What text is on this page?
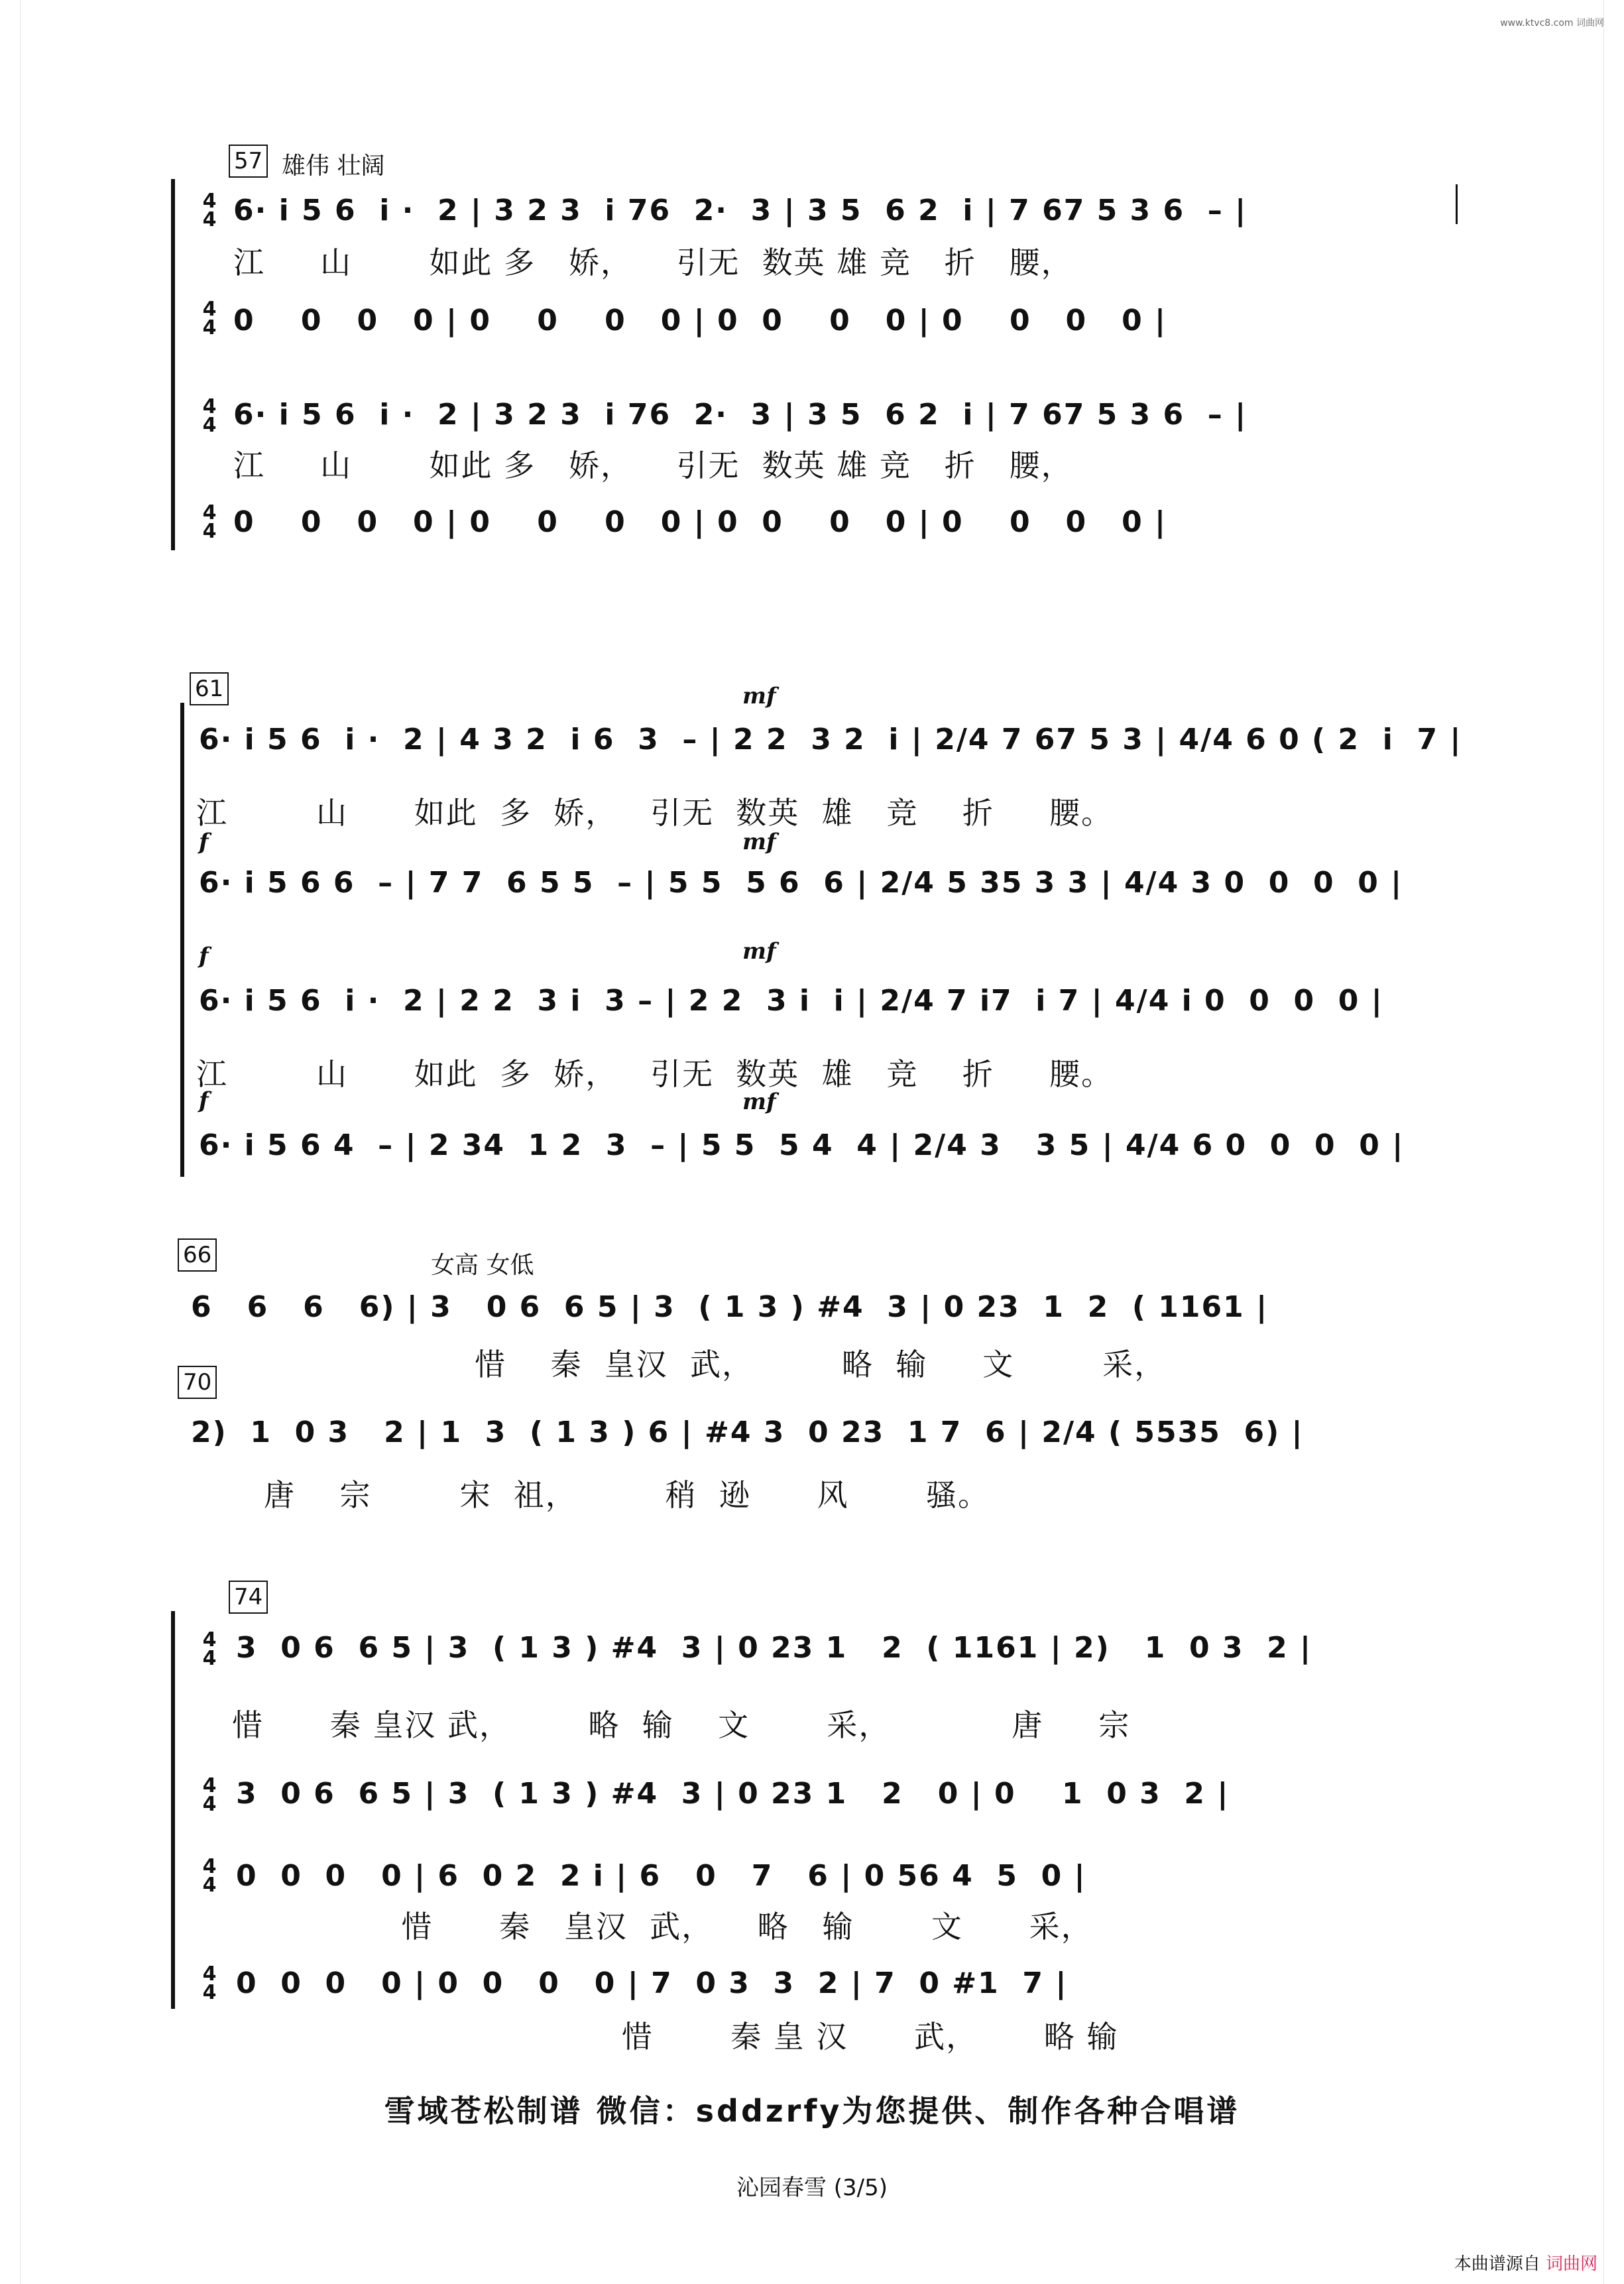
www.ktvc8.com 词曲网
57 雄伟 壮阔
4
4 6· i 5 6  i ·  2 | 3 2 3  i 76  2·  3 | 3 5  6 2  i | 7 67 5 3 6  – |
江     山       如此 多   娇，    引无  数英 雄 竞   折   腰，
4
4 0    0   0   0 | 0    0    0   0 | 0  0    0   0 | 0    0   0   0 |
4
4 6· i 5 6  i ·  2 | 3 2 3  i 76  2·  3 | 3 5  6 2  i | 7 67 5 3 6  – |
江     山       如此 多   娇，    引无  数英 雄 竞   折   腰，
4
4 0    0   0   0 | 0    0    0   0 | 0  0    0   0 | 0    0   0   0 |
61	mf
6· i 5 6  i ·  2 | 4 3 2  i 6  3  – | 2 2  3 2  i | 2/4 7 67 5 3 | 4/4 6 0 ( 2  i  7 |
江        山      如此  多  娇，   引无  数英  雄   竞    折     腰。
f	mf
6· i 5 6 6  – | 7 7  6 5 5  – | 5 5  5 6  6 | 2/4 5 35 3 3 | 4/4 3 0  0  0  0 |
f	mf
6· i 5 6  i ·  2 | 2 2  3 i  3 – | 2 2  3 i  i | 2/4 7 i7  i 7 | 4/4 i 0  0  0  0 |
江        山      如此  多  娇，   引无  数英  雄   竞    折     腰。
f	mf
6· i 5 6 4  – | 2 34  1 2  3  – | 5 5  5 4  4 | 2/4 3   3 5 | 4/4 6 0  0  0  0 |
66	女高 女低
6   6   6   6) | 3   0 6  6 5 | 3  ( 1 3 ) #4  3 | 0 23  1  2  ( 1161 |
惜    秦  皇汉  武，        略  输     文        采，
70
2)  1  0 3   2 | 1  3  ( 1 3 ) 6 | #4 3  0 23  1 7  6 | 2/4 ( 5535  6) |
唐    宗        宋  祖，        稍  逊      风       骚。
74
4
4 3  0 6  6 5 | 3  ( 1 3 ) #4  3 | 0 23 1   2  ( 1161 | 2)   1  0 3  2 |
惜      秦 皇汉 武，       略  输    文       采，           唐     宗
4
4 3  0 6  6 5 | 3  ( 1 3 ) #4  3 | 0 23 1   2   0 | 0    1  0 3  2 |
4
4 0  0  0   0 | 6  0 2  2 i | 6   0   7   6 | 0 56 4  5  0 |
惜      秦   皇汉  武，    略   输       文      采，
4
4 0  0  0   0 | 0  0   0   0 | 7  0 3  3  2 | 7  0 #1  7 |
惜       秦 皇 汉      武，      略 输
雪域苍松制谱 微信：sddzrfy为您提供、制作各种合唱谱
沁园春雪 (3/5)
本曲谱源自 词曲网
